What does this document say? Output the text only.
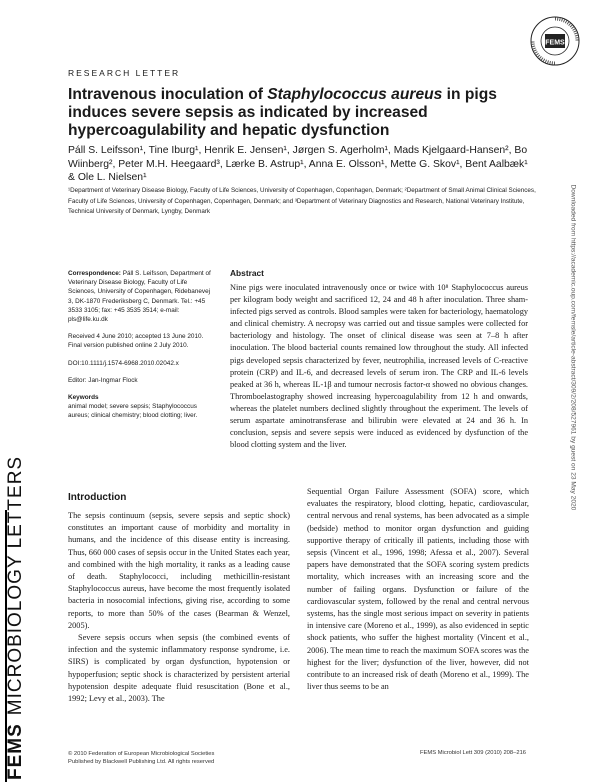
FEMS
MICROBIOLOGY LETTERS
FEMS
RESEARCH LETTER
Intravenous inoculation of Staphylococcus aureus in pigs induces severe sepsis as indicated by increased hypercoagulability and hepatic dysfunction
Páll S. Leifsson¹, Tine Iburg¹, Henrik E. Jensen¹, Jørgen S. Agerholm¹, Mads Kjelgaard-Hansen², Bo Wiinberg², Peter M.H. Heegaard³, Lærke B. Astrup¹, Anna E. Olsson¹, Mette G. Skov¹, Bent Aalbæk¹ & Ole L. Nielsen¹
¹Department of Veterinary Disease Biology, Faculty of Life Sciences, University of Copenhagen, Copenhagen, Denmark; ²Department of Small Animal Clinical Sciences, Faculty of Life Sciences, University of Copenhagen, Copenhagen, Denmark; and ³Department of Veterinary Diagnostics and Research, National Veterinary Institute, Technical University of Denmark, Lyngby, Denmark	Downloaded from https://academic.oup.com/femsle/article-abstract/309/2/208/527961 by guest on 23 May 2020

Correspondence: Páll S. Leifsson, Department of Veterinary Disease Biology, Faculty of Life Sciences, University of Copenhagen, Ridebanevej 3, DK-1870 Frederiksberg C, Denmark. Tel.: +45 3533 3105; fax: +45 3535 3514; e-mail: pls@life.ku.dk

Received 4 June 2010; accepted 13 June 2010. Final version published online 2 July 2010.

DOI:10.1111/j.1574-6968.2010.02042.x

Editor: Jan-Ingmar Flock

Keywords

animal model; severe sepsis; Staphylococcus aureus; clinical chemistry; blood clotting; liver.

Abstract
Nine pigs were inoculated intravenously once or twice with 10⁸ Staphylococcus aureus per kilogram body weight and sacrificed 12, 24 and 48 h after inoculation. Three sham-infected pigs served as controls. Blood samples were taken for bacteriology, haematology and clinical chemistry. A necropsy was carried out and tissue samples were collected for bacteriology and histology. The onset of clinical disease was seen at 7–8 h after inoculation. The blood bacterial counts remained low throughout the study. All infected pigs developed sepsis characterized by fever, neutrophilia, increased levels of C-reactive protein (CRP) and IL-6, and decreased levels of serum iron. The CRP and IL-6 levels peaked at 36 h, whereas IL-1β and tumour necrosis factor-α showed no obvious changes. Thromboelastography showed increasing hypercoagulability from 12 h and onwards, whereas the platelet numbers declined slightly throughout the experiment. The levels of serum aspartate aminotransferase and bilirubin were elevated at 24 and 36 h. In conclusion, sepsis and severe sepsis were induced as evidenced by dysfunction of the blood clotting system and the liver.
Introduction

The sepsis continuum (sepsis, severe sepsis and septic shock) constitutes an important cause of morbidity and mortality in humans, and the incidence of this disease entity is increasing. Thus, 660 000 cases of sepsis occur in the United States each year, and combined with the high mortality, it ranks as a leading cause of death. Staphylococci, including methicillin-resistant Staphylococcus aureus, have become the most frequently isolated bacteria in nosocomial infections, giving rise, according to some reports, to more than 50% of the cases (Bearman & Wenzel, 2005).

Severe sepsis occurs when sepsis (the combined events of infection and the systemic inflammatory response syndrome, i.e. SIRS) is complicated by organ dysfunction, hypotension or hypoperfusion; septic shock is characterized by persistent arterial hypotension despite adequate fluid resuscitation (Bone et al., 1992; Levy et al., 2003). The

Sequential Organ Failure Assessment (SOFA) score, which evaluates the respiratory, blood clotting, hepatic, cardiovascular, central nervous and renal systems, has been advocated as a simple (bedside) method to monitor organ dysfunction and guiding supportive therapy of critically ill patients, including those with sepsis (Vincent et al., 1996, 1998; Afessa et al., 2007). Several papers have demonstrated that the SOFA scoring system predicts mortality, which increases with an increasing score and the number of failing organs. Dysfunction or failure of the cardiovascular system, followed by the renal and central nervous systems, has the single most serious impact on severity in patients in intensive care (Moreno et al., 1999), as also evidenced in septic shock patients, who suffer the highest mortality (Vincent et al., 2006). The mean time to reach the maximum SOFA scores was the highest for the liver; dysfunction of the liver, however, did not contribute to an increased risk of death (Moreno et al., 1999). The liver thus seems to be an

© 2010 Federation of European Microbiological Societies
Published by Blackwell Publishing Ltd. All rights reserved
FEMS Microbiol Lett 309 (2010) 208–216
